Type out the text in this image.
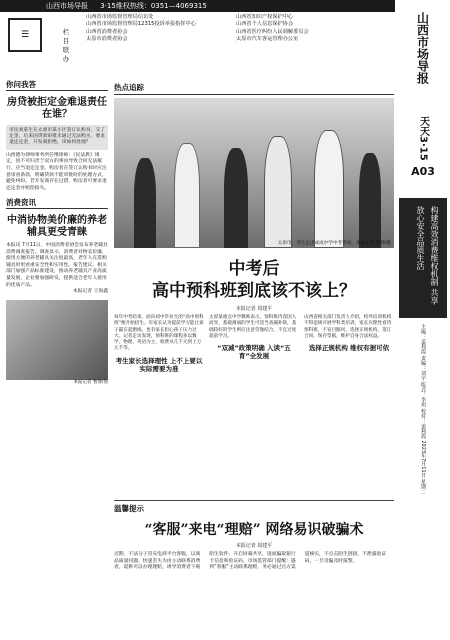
山西市场导报 3·15维权热线：0351—4069315
☰	栏目联办
山西省市场监督管理局信访处
山西省市场监督管理局12315投诉举报指挥中心
山西省消费者协会
太原市消费者协会
山西省知识产权保护中心
山西省个人信息保护协会
山西省医疗纠纷人民调解委员会
太原市汽车客运管理办公室	山西市场导报
天天3·15
A03
构建高效消费维权机制 共享放心安全品质生活
主编：姜利霞 责编：刘宇 版式：李玥 校对：姜利霞 2023年7月11日 星期二
你问我答
房贷被拒定金难退责任在谁？
市民刘某生在太原市某小区签订认购书，交了定金，后来因贷款审批未通过无法购买，要求退还定金，开发商拒绝。该如何处理？
山西德为律师事务所任继律师：《民法典》规定，因不可归责于双方的事由导致合同无法履行，应当退还定金。购房者在签订认购书时应注意审查条款，明确贷款不能审批时的处理方式，避免纠纷。若开发商存在过错，购房者可要求退还定金并赔偿损失。
消费资讯
中消协物美价廉的养老辅具更受青睐
本报讯 7月11日，中国消费者协会发布养老辅具消费调查报告。调查显示，消费者对物美价廉、使用方便的养老辅具关注度最高，老年人在选购辅具时更看重安全性和实用性。报告建议，相关部门加强产品标准建设，推动养老辅具产业高质量发展，企业要加强研发，提供适合老年人使用的优质产品。
本报记者 王海鑫
本报记者 曹博/图
热点追踪
太原市，考生走出成成中学中考考场。本报记者 曹博/摄
中考后
高中预科班到底该不该上？
本报记者 周建平
每年中考结束，面向初中毕业生的“高中预科班”便开始招生。有家长认为提前学习能让孩子赢在起跑线，也有家长担心孩子压力过大。记者走访发现，预科班的课程多以数学、物理、英语为主，收费从几千元到上万元不等。
考生家长选择理性 上不上要以实际需要为准
太原某重点中学教师表示，预科班内容因人而异，基础薄弱的学生可适当查漏补缺，基础较好的学生则应注意劳逸结合，不宜过度超前学习。
“双减”政策明确 入读“五育”全发展
山西省相关部门负责人介绍，校外培训机构不得违规开展学科类培训，家长应理性看待预科班，不盲目跟风，选择正规机构，签订合同，保存票据，维护自身合法权益。
选择正规机构 维权有据可依
温馨提示
“客服”来电“理赔” 网络易识破骗术
本报记者 周建平
近期，不法分子冒充电商平台客服，以商品质量问题、快递丢失为由主动联系消费者，谎称可以办理理赔，诱导消费者下载陌生软件、开启屏幕共享，进而骗取银行卡信息和验证码。市场监管部门提醒：遇到“客服”主动联系理赔，务必通过官方渠道核实，不点击陌生链接，不泄露验证码，一旦受骗及时报警。
